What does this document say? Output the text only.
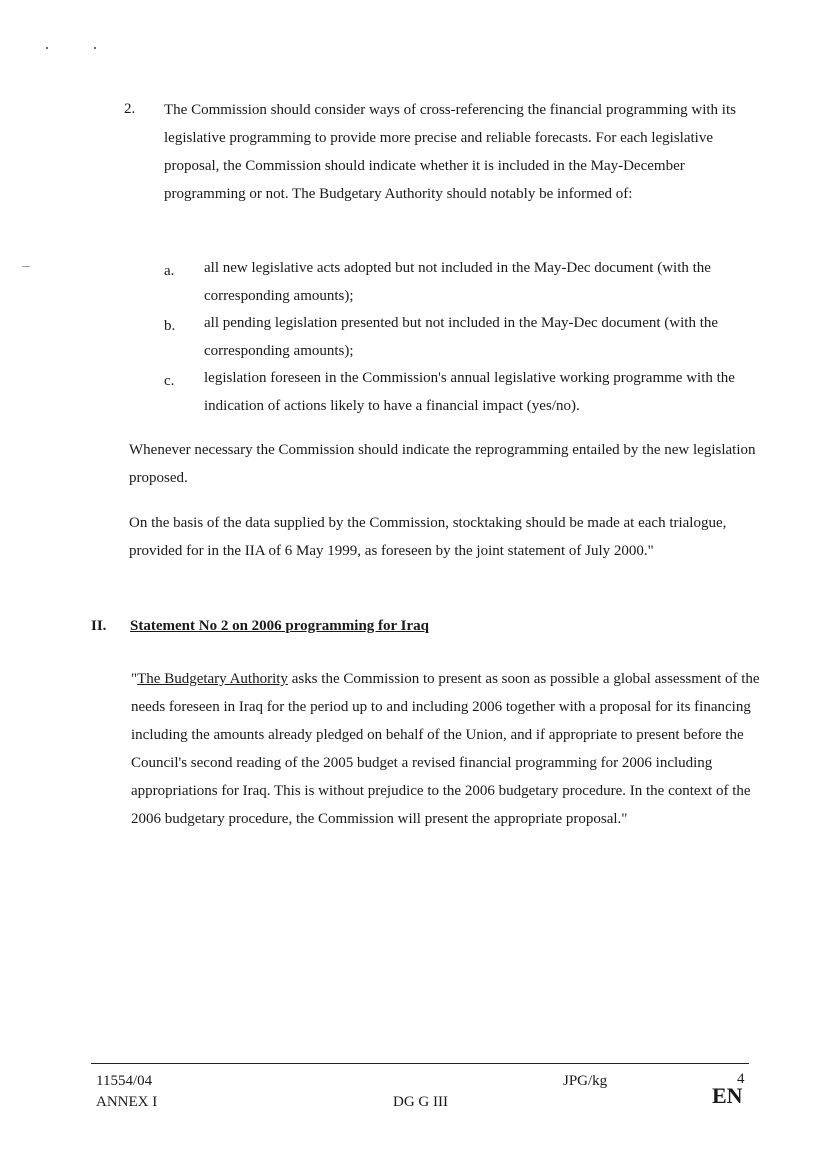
2. The Commission should consider ways of cross-referencing the financial programming with its legislative programming to provide more precise and reliable forecasts. For each legislative proposal, the Commission should indicate whether it is included in the May-December programming or not. The Budgetary Authority should notably be informed of:
a. all new legislative acts adopted but not included in the May-Dec document (with the corresponding amounts);
b. all pending legislation presented but not included in the May-Dec document (with the corresponding amounts);
c. legislation foreseen in the Commission's annual legislative working programme with the indication of actions likely to have a financial impact (yes/no).
Whenever necessary the Commission should indicate the reprogramming entailed by the new legislation proposed.
On the basis of the data supplied by the Commission, stocktaking should be made at each trialogue, provided for in the IIA of 6 May 1999, as foreseen by the joint statement of July 2000."
II. Statement No 2 on 2006 programming for Iraq
"The Budgetary Authority asks the Commission to present as soon as possible a global assessment of the needs foreseen in Iraq for the period up to and including 2006 together with a proposal for its financing including the amounts already pledged on behalf of the Union, and if appropriate to present before the Council's second reading of the 2005 budget a revised financial programming for 2006 including appropriations for Iraq. This is without prejudice to the 2006 budgetary procedure. In the context of the 2006 budgetary procedure, the Commission will present the appropriate proposal."
11554/04
ANNEX I	DG G III
JPG/kg	4
EN
